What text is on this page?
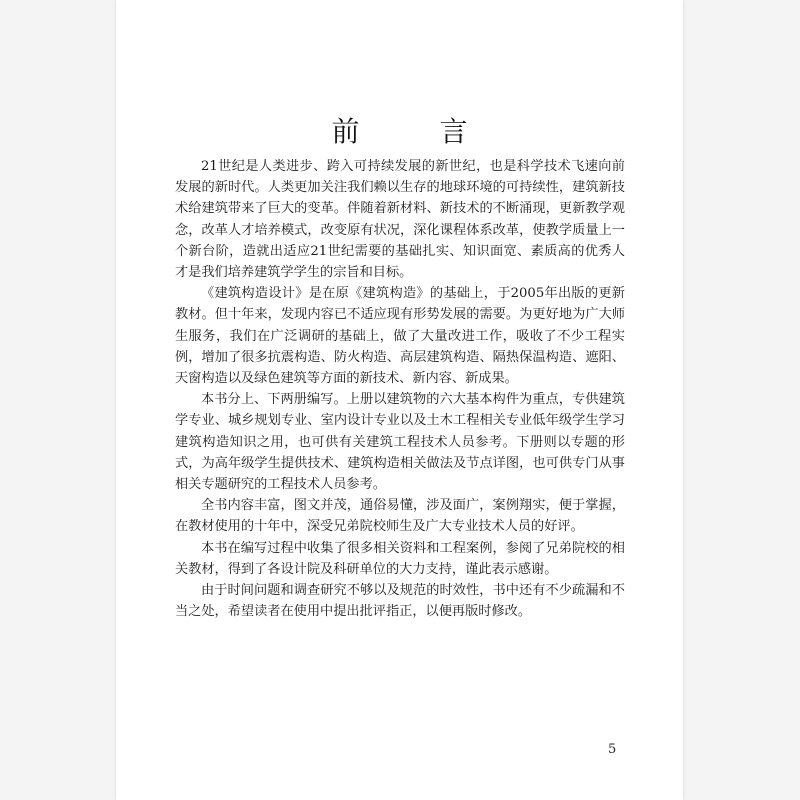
前　言

21世纪是人类进步、跨入可持续发展的新世纪，也是科学技术飞速向前发展的新时代。人类更加关注我们赖以生存的地球环境的可持续性，建筑新技术给建筑带来了巨大的变革。伴随着新材料、新技术的不断涌现，更新教学观念，改革人才培养模式，改变原有状况，深化课程体系改革，使教学质量上一个新台阶，造就出适应21世纪需要的基础扎实、知识面宽、素质高的优秀人才是我们培养建筑学学生的宗旨和目标。

《建筑构造设计》是在原《建筑构造》的基础上，于2005年出版的更新教材。但十年来，发现内容已不适应现有形势发展的需要。为更好地为广大师生服务，我们在广泛调研的基础上，做了大量改进工作，吸收了不少工程实例，增加了很多抗震构造、防火构造、高层建筑构造、隔热保温构造、遮阳、天窗构造以及绿色建筑等方面的新技术、新内容、新成果。

本书分上、下两册编写。上册以建筑物的六大基本构件为重点，专供建筑学专业、城乡规划专业、室内设计专业以及土木工程相关专业低年级学生学习建筑构造知识之用，也可供有关建筑工程技术人员参考。下册则以专题的形式，为高年级学生提供技术、建筑构造相关做法及节点详图，也可供专门从事相关专题研究的工程技术人员参考。

全书内容丰富，图文并茂，通俗易懂，涉及面广，案例翔实，便于掌握，在教材使用的十年中，深受兄弟院校师生及广大专业技术人员的好评。

本书在编写过程中收集了很多相关资料和工程案例，参阅了兄弟院校的相关教材，得到了各设计院及科研单位的大力支持，谨此表示感谢。

由于时间问题和调查研究不够以及规范的时效性，书中还有不少疏漏和不当之处，希望读者在使用中提出批评指正，以便再版时修改。

5
